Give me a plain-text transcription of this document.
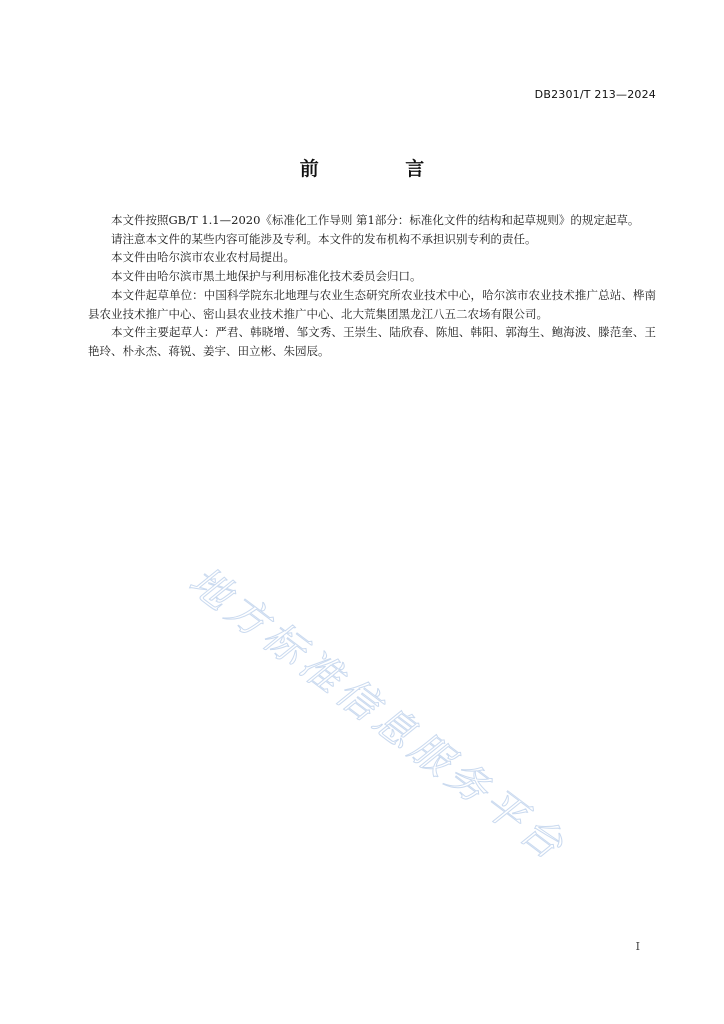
DB2301/T 213—2024
前 言

本文件按照GB/T 1.1—2020《标准化工作导则 第1部分：标准化文件的结构和起草规则》的规定起草。

请注意本文件的某些内容可能涉及专利。本文件的发布机构不承担识别专利的责任。

本文件由哈尔滨市农业农村局提出。

本文件由哈尔滨市黑土地保护与利用标准化技术委员会归口。

本文件起草单位：中国科学院东北地理与农业生态研究所农业技术中心，哈尔滨市农业技术推广总站、桦南县农业技术推广中心、密山县农业技术推广中心、北大荒集团黑龙江八五二农场有限公司。

本文件主要起草人：严君、韩晓增、邹文秀、王崇生、陆欣春、陈旭、韩阳、郭海生、鲍海波、滕范奎、王艳玲、朴永杰、蒋锐、姜宇、田立彬、朱园辰。

地方标准信息服务平台
I
